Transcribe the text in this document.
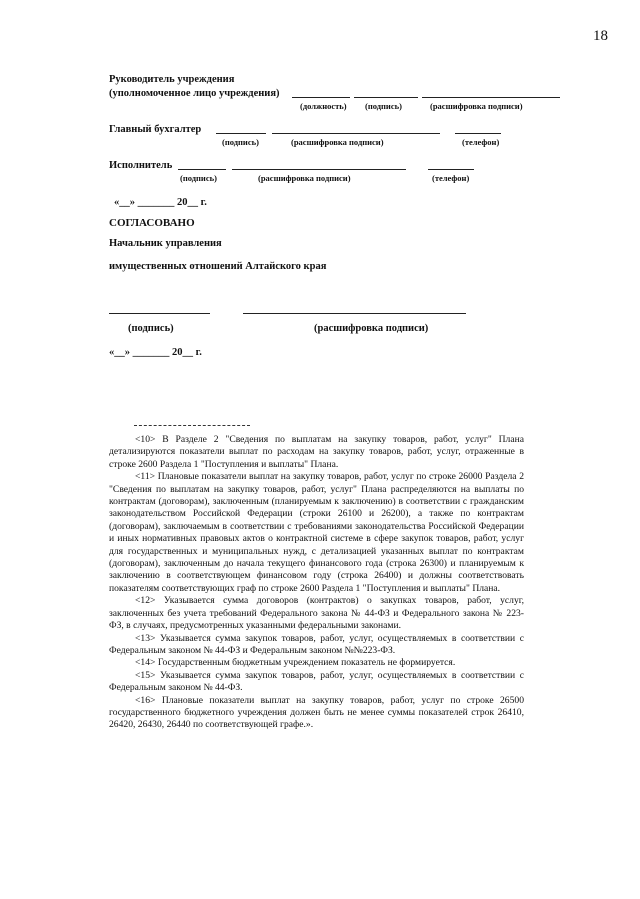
18
Руководитель учреждения
(уполномоченное лицо учреждения)
(должность) (подпись)	(расшифровка подписи)
Главный бухгалтер
(подпись)	(расшифровка подписи)	(телефон)
Исполнитель
(подпись)	(расшифровка подписи)	(телефон)
«__» _______ 20__ г.
СОГЛАСОВАНО
Начальник управления
имущественных отношений Алтайского края
(подпись)	(расшифровка подписи)
«__» _______ 20__ г.

<10> В Разделе 2 "Сведения по выплатам на закупку товаров, работ, услуг" Плана детализируются показатели выплат по расходам на закупку товаров, работ, услуг, отраженные в строке 2600 Раздела 1 "Поступления и выплаты" Плана.

<11> Плановые показатели выплат на закупку товаров, работ, услуг по строке 26000 Раздела 2 "Сведения по выплатам на закупку товаров, работ, услуг" Плана распределяются на выплаты по контрактам (договорам), заключенным (планируемым к заключению) в соответствии с гражданским законодательством Российской Федерации (строки 26100 и 26200), а также по контрактам (договорам), заключаемым в соответствии с требованиями законодательства Российской Федерации и иных нормативных правовых актов о контрактной системе в сфере закупок товаров, работ, услуг для государственных и муниципальных нужд, с детализацией указанных выплат по контрактам (договорам), заключенным до начала текущего финансового года (строка 26300) и планируемым к заключению в соответствующем финансовом году (строка 26400) и должны соответствовать показателям соответствующих граф по строке 2600 Раздела 1 "Поступления и выплаты" Плана.

<12> Указывается сумма договоров (контрактов) о закупках товаров, работ, услуг, заключенных без учета требований Федерального закона № 44-ФЗ и Федерального закона № 223-ФЗ, в случаях, предусмотренных указанными федеральными законами.

<13> Указывается сумма закупок товаров, работ, услуг, осуществляемых в соответствии с Федеральным законом № 44-ФЗ и Федеральным законом №№223-ФЗ.

<14> Государственным бюджетным учреждением показатель не формируется.

<15> Указывается сумма закупок товаров, работ, услуг, осуществляемых в соответствии с Федеральным законом № 44-ФЗ.

<16> Плановые показатели выплат на закупку товаров, работ, услуг по строке 26500 государственного бюджетного учреждения должен быть не менее суммы показателей строк 26410, 26420, 26430, 26440 по соответствующей графе.».
